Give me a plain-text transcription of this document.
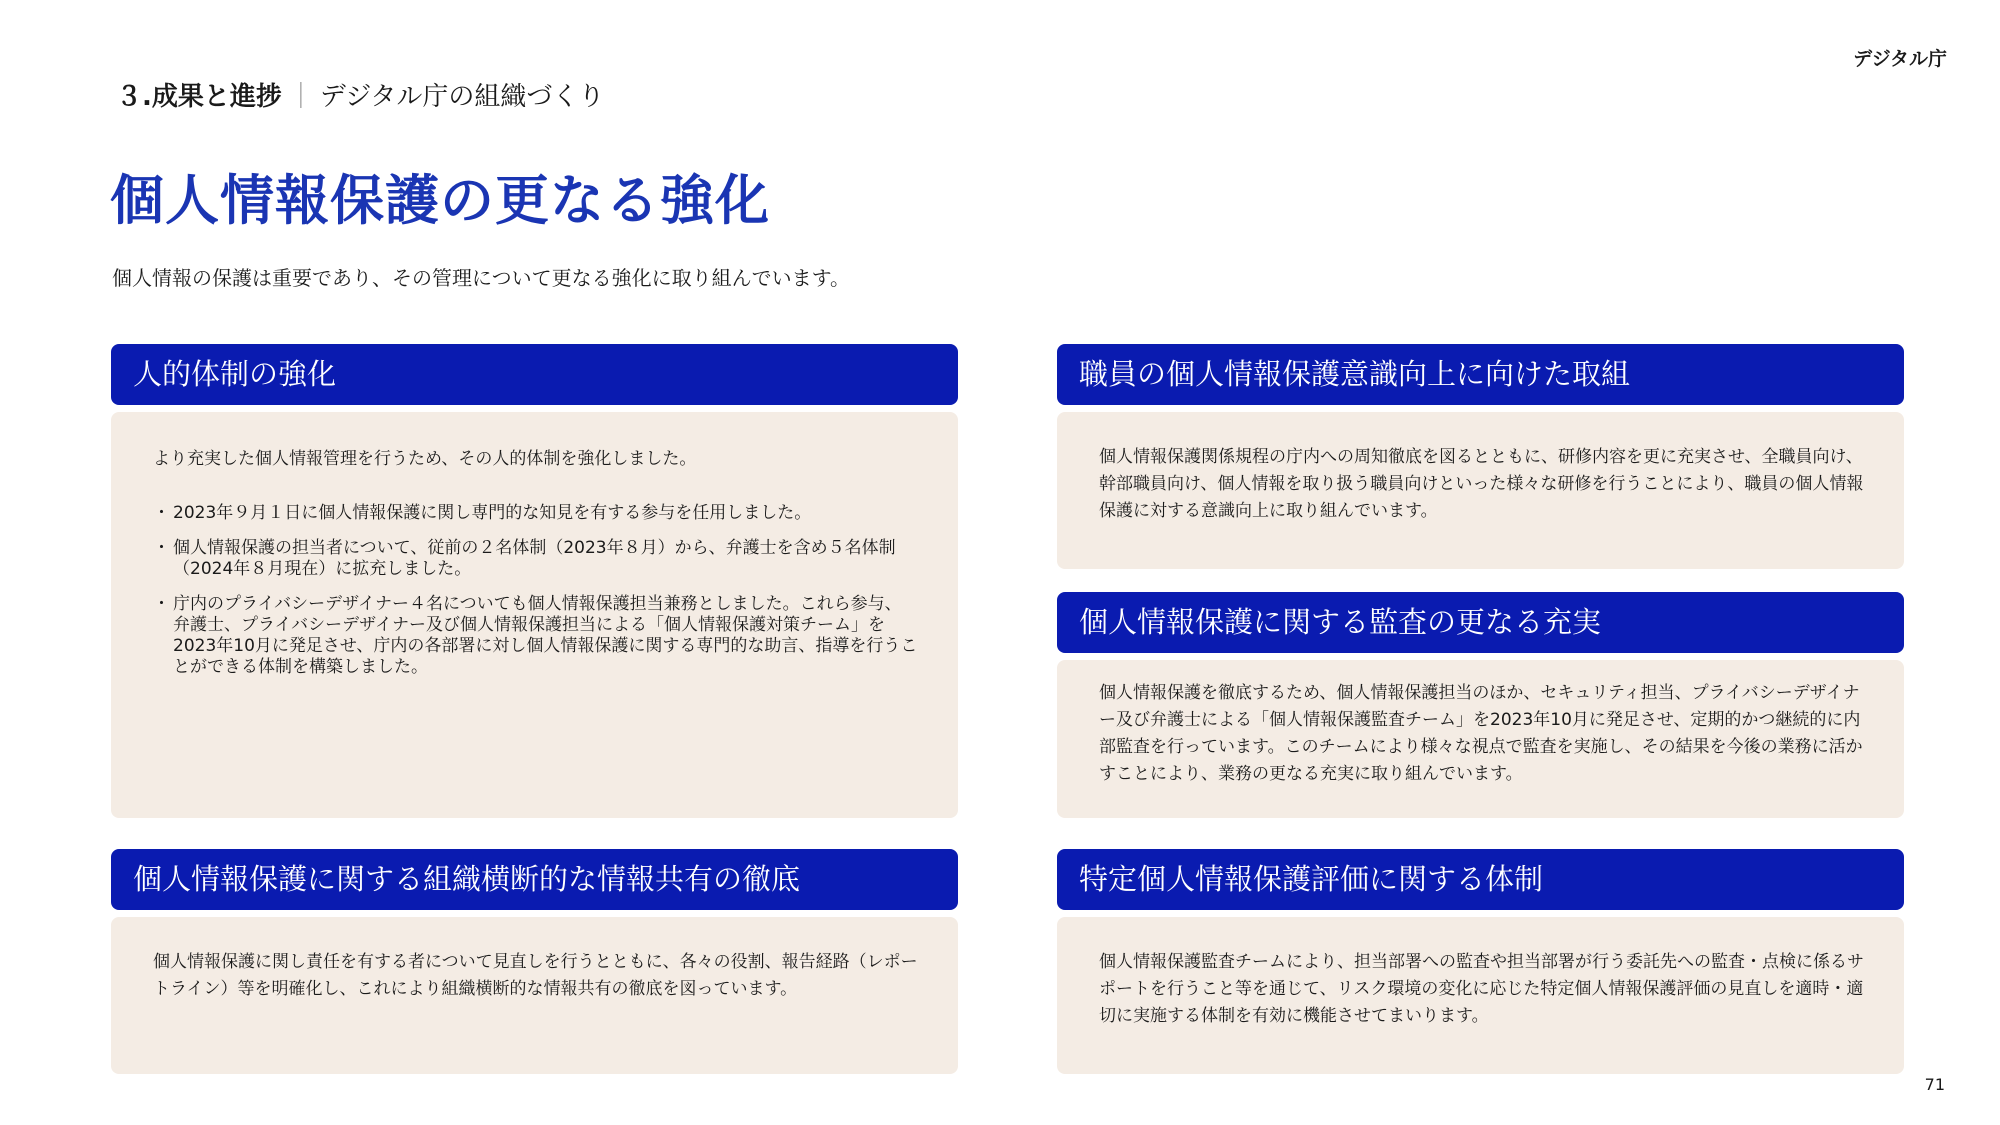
デジタル庁
３.成果と進捗 ｜ デジタル庁の組織づくり
個人情報保護の更なる強化
個人情報の保護は重要であり、その管理について更なる強化に取り組んでいます。
人的体制の強化

より充実した個人情報管理を行うため、その人的体制を強化しました。

・ 2023年９月１日に個人情報保護に関し専門的な知見を有する参与を任用しました。
・ 個人情報保護の担当者について、従前の２名体制（2023年８月）から、弁護士を含め５名体制（2024年８月現在）に拡充しました。
・ 庁内のプライバシーデザイナー４名についても個人情報保護担当兼務としました。これら参与、弁護士、プライバシーデザイナー及び個人情報保護担当による「個人情報保護対策チーム」を2023年10月に発足させ、庁内の各部署に対し個人情報保護に関する専門的な助言、指導を行うことができる体制を構築しました。
職員の個人情報保護意識向上に向けた取組

個人情報保護関係規程の庁内への周知徹底を図るとともに、研修内容を更に充実させ、全職員向け、幹部職員向け、個人情報を取り扱う職員向けといった様々な研修を行うことにより、職員の個人情報保護に対する意識向上に取り組んでいます。

個人情報保護に関する監査の更なる充実

個人情報保護を徹底するため、個人情報保護担当のほか、セキュリティ担当、プライバシーデザイナー及び弁護士による「個人情報保護監査チーム」を2023年10月に発足させ、定期的かつ継続的に内部監査を行っています。このチームにより様々な視点で監査を実施し、その結果を今後の業務に活かすことにより、業務の更なる充実に取り組んでいます。

個人情報保護に関する組織横断的な情報共有の徹底

個人情報保護に関し責任を有する者について見直しを行うとともに、各々の役割、報告経路（レポートライン）等を明確化し、これにより組織横断的な情報共有の徹底を図っています。

特定個人情報保護評価に関する体制

個人情報保護監査チームにより、担当部署への監査や担当部署が行う委託先への監査・点検に係るサポートを行うこと等を通じて、リスク環境の変化に応じた特定個人情報保護評価の見直しを適時・適切に実施する体制を有効に機能させてまいります。

71
